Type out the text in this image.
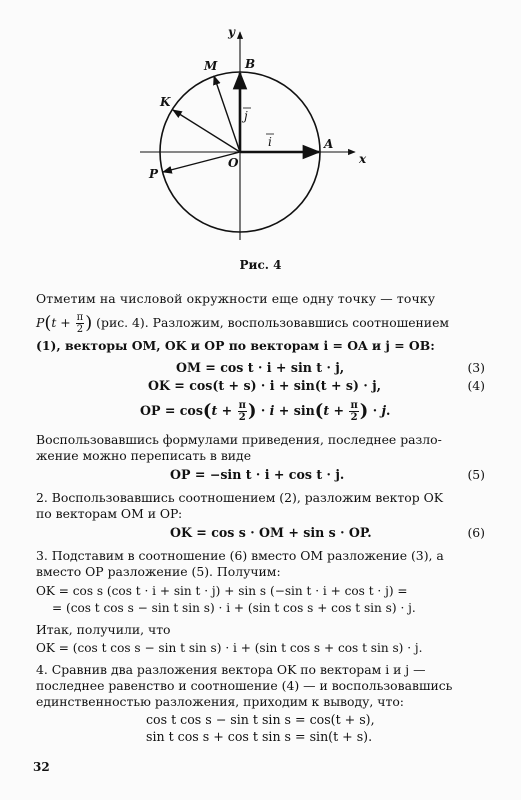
y
x
O
A
B
M
K
P
i
j
Рис. 4
Отметим на числовой окружности еще одну точку — точку
$P(t + \frac{\pi}{2}$ ) (рис. 4). Разложим, воспользовавшись соотношением
(1), векторы OM, OK и OP по векторам i = OA и j = OB:
OM = cos t · i + sin t · j,	(3)
OK = cos(t + s) · i + sin(t + s) · j,	(4)
OP = $\cos(t + \frac{\pi}{2}$ ) · $i + \sin(t + \frac{\pi}{2}$ ) · j.
Воспользовавшись формулами приведения, последнее разло-
жение можно переписать в виде
OP = −sin t · i + cos t · j.	(5)
2. Воспользовавшись соотношением (2), разложим вектор OK
по векторам OM и OP:
OK = cos s · OM + sin s · OP.	(6)
3. Подставим в соотношение (6) вместо OM разложение (3), а
вместо OP разложение (5). Получим:
OK = cos s (cos t · i + sin t · j) + sin s (−sin t · i + cos t · j) =
= (cos t cos s − sin t sin s) · i + (sin t cos s + cos t sin s) · j.
Итак, получили, что
OK = (cos t cos s − sin t sin s) · i + (sin t cos s + cos t sin s) · j.
4. Сравнив два разложения вектора OK по векторам i и j —
последнее равенство и соотношение (4) — и воспользовавшись
единственностью разложения, приходим к выводу, что:
cos t cos s − sin t sin s = cos(t + s),
sin t cos s + cos t sin s = sin(t + s).
32
